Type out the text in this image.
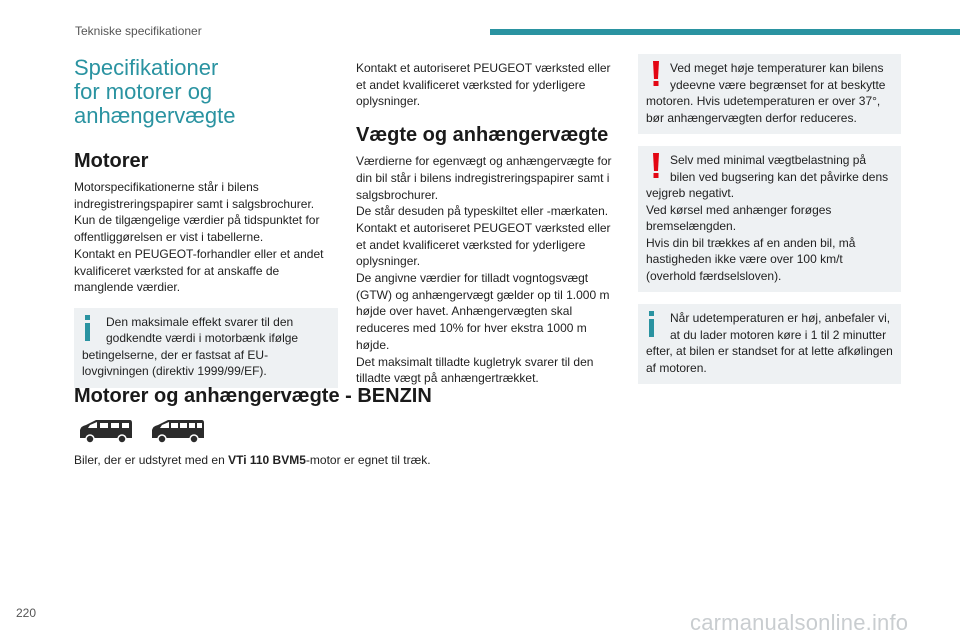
Tekniske specifikationer
Specifikationer
for motorer og
anhængervægte
Motorer

Motorspecifikationerne står i bilens indregistreringspapirer samt i salgsbrochurer.
Kun de tilgængelige værdier på tidspunktet for offentliggørelsen er vist i tabellerne.
Kontakt en PEUGEOT-forhandler eller et andet kvalificeret værksted for at anskaffe de manglende værdier.

Den maksimale effekt svarer til den godkendte værdi i motorbænk ifølge
betingelserne, der er fastsat af EU-lovgivningen (direktiv 1999/99/EF).

Kontakt et autoriseret PEUGEOT værksted eller et andet kvalificeret værksted for yderligere oplysninger.

Vægte og anhængervægte

Værdierne for egenvægt og anhængervægte for din bil står i bilens indregistreringspapirer samt i salgsbrochurer.
De står desuden på typeskiltet eller -mærkaten.
Kontakt et autoriseret PEUGEOT værksted eller et andet kvalificeret værksted for yderligere oplysninger.
De angivne værdier for tilladt vogntogsvægt (GTW) og anhængervægt gælder op til 1.000 m højde over havet. Anhængervægten skal reduceres med 10% for hver ekstra 1000 m højde.
Det maksimalt tilladte kugletryk svarer til den tilladte vægt på anhængertrækket.

Ved meget høje temperaturer kan bilens ydeevne være begrænset for at beskytte
motoren. Hvis udetemperaturen er over 37°, bør anhængervægten derfor reduceres.
Selv med minimal vægtbelastning på bilen ved bugsering kan det påvirke dens
vejgreb negativt.
Ved kørsel med anhænger forøges bremselængden.
Hvis din bil trækkes af en anden bil, må hastigheden ikke være over 100 km/t (overhold færdselsloven).
Når udetemperaturen er høj, anbefaler vi, at du lader motoren køre i 1 til 2 minutter
efter, at bilen er standset for at lette afkølingen af motoren.
Motorer og anhængervægte - BENZIN
Biler, der er udstyret med en VTi 110 BVM5-motor er egnet til træk.
220	carmanualsonline.info
